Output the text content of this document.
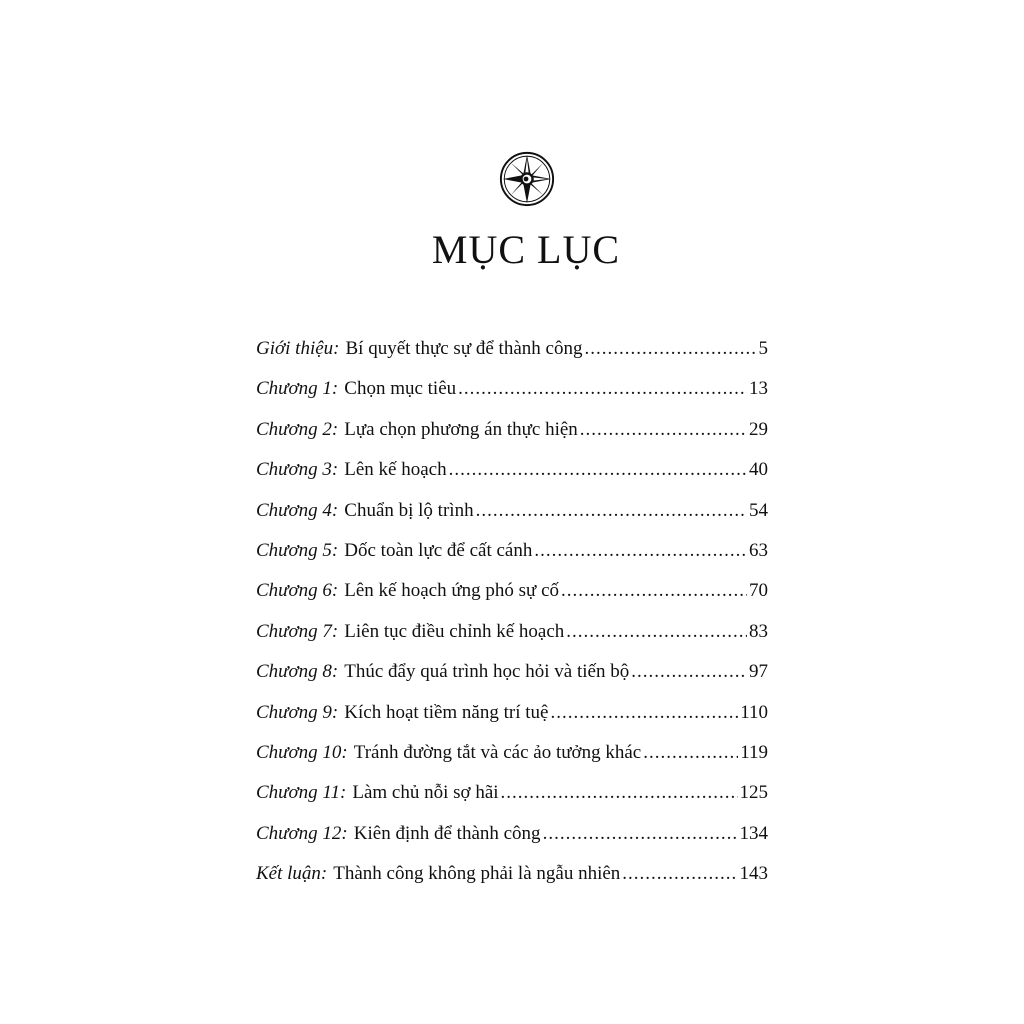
MỤC LỤC
Giới thiệu: Bí quyết thực sự để thành công .....	5
Chương 1: Chọn mục tiêu .....	13
Chương 2: Lựa chọn phương án thực hiện .....	29
Chương 3: Lên kế hoạch .....	40
Chương 4: Chuẩn bị lộ trình .....	54
Chương 5: Dốc toàn lực để cất cánh .....	63
Chương 6: Lên kế hoạch ứng phó sự cố .....	70
Chương 7: Liên tục điều chỉnh kế hoạch .....	83
Chương 8: Thúc đẩy quá trình học hỏi và tiến bộ .....	97
Chương 9: Kích hoạt tiềm năng trí tuệ .....	110
Chương 10: Tránh đường tắt và các ảo tưởng khác .....	119
Chương 11: Làm chủ nỗi sợ hãi .....	125
Chương 12: Kiên định để thành công .....	134
Kết luận: Thành công không phải là ngẫu nhiên .....	143
